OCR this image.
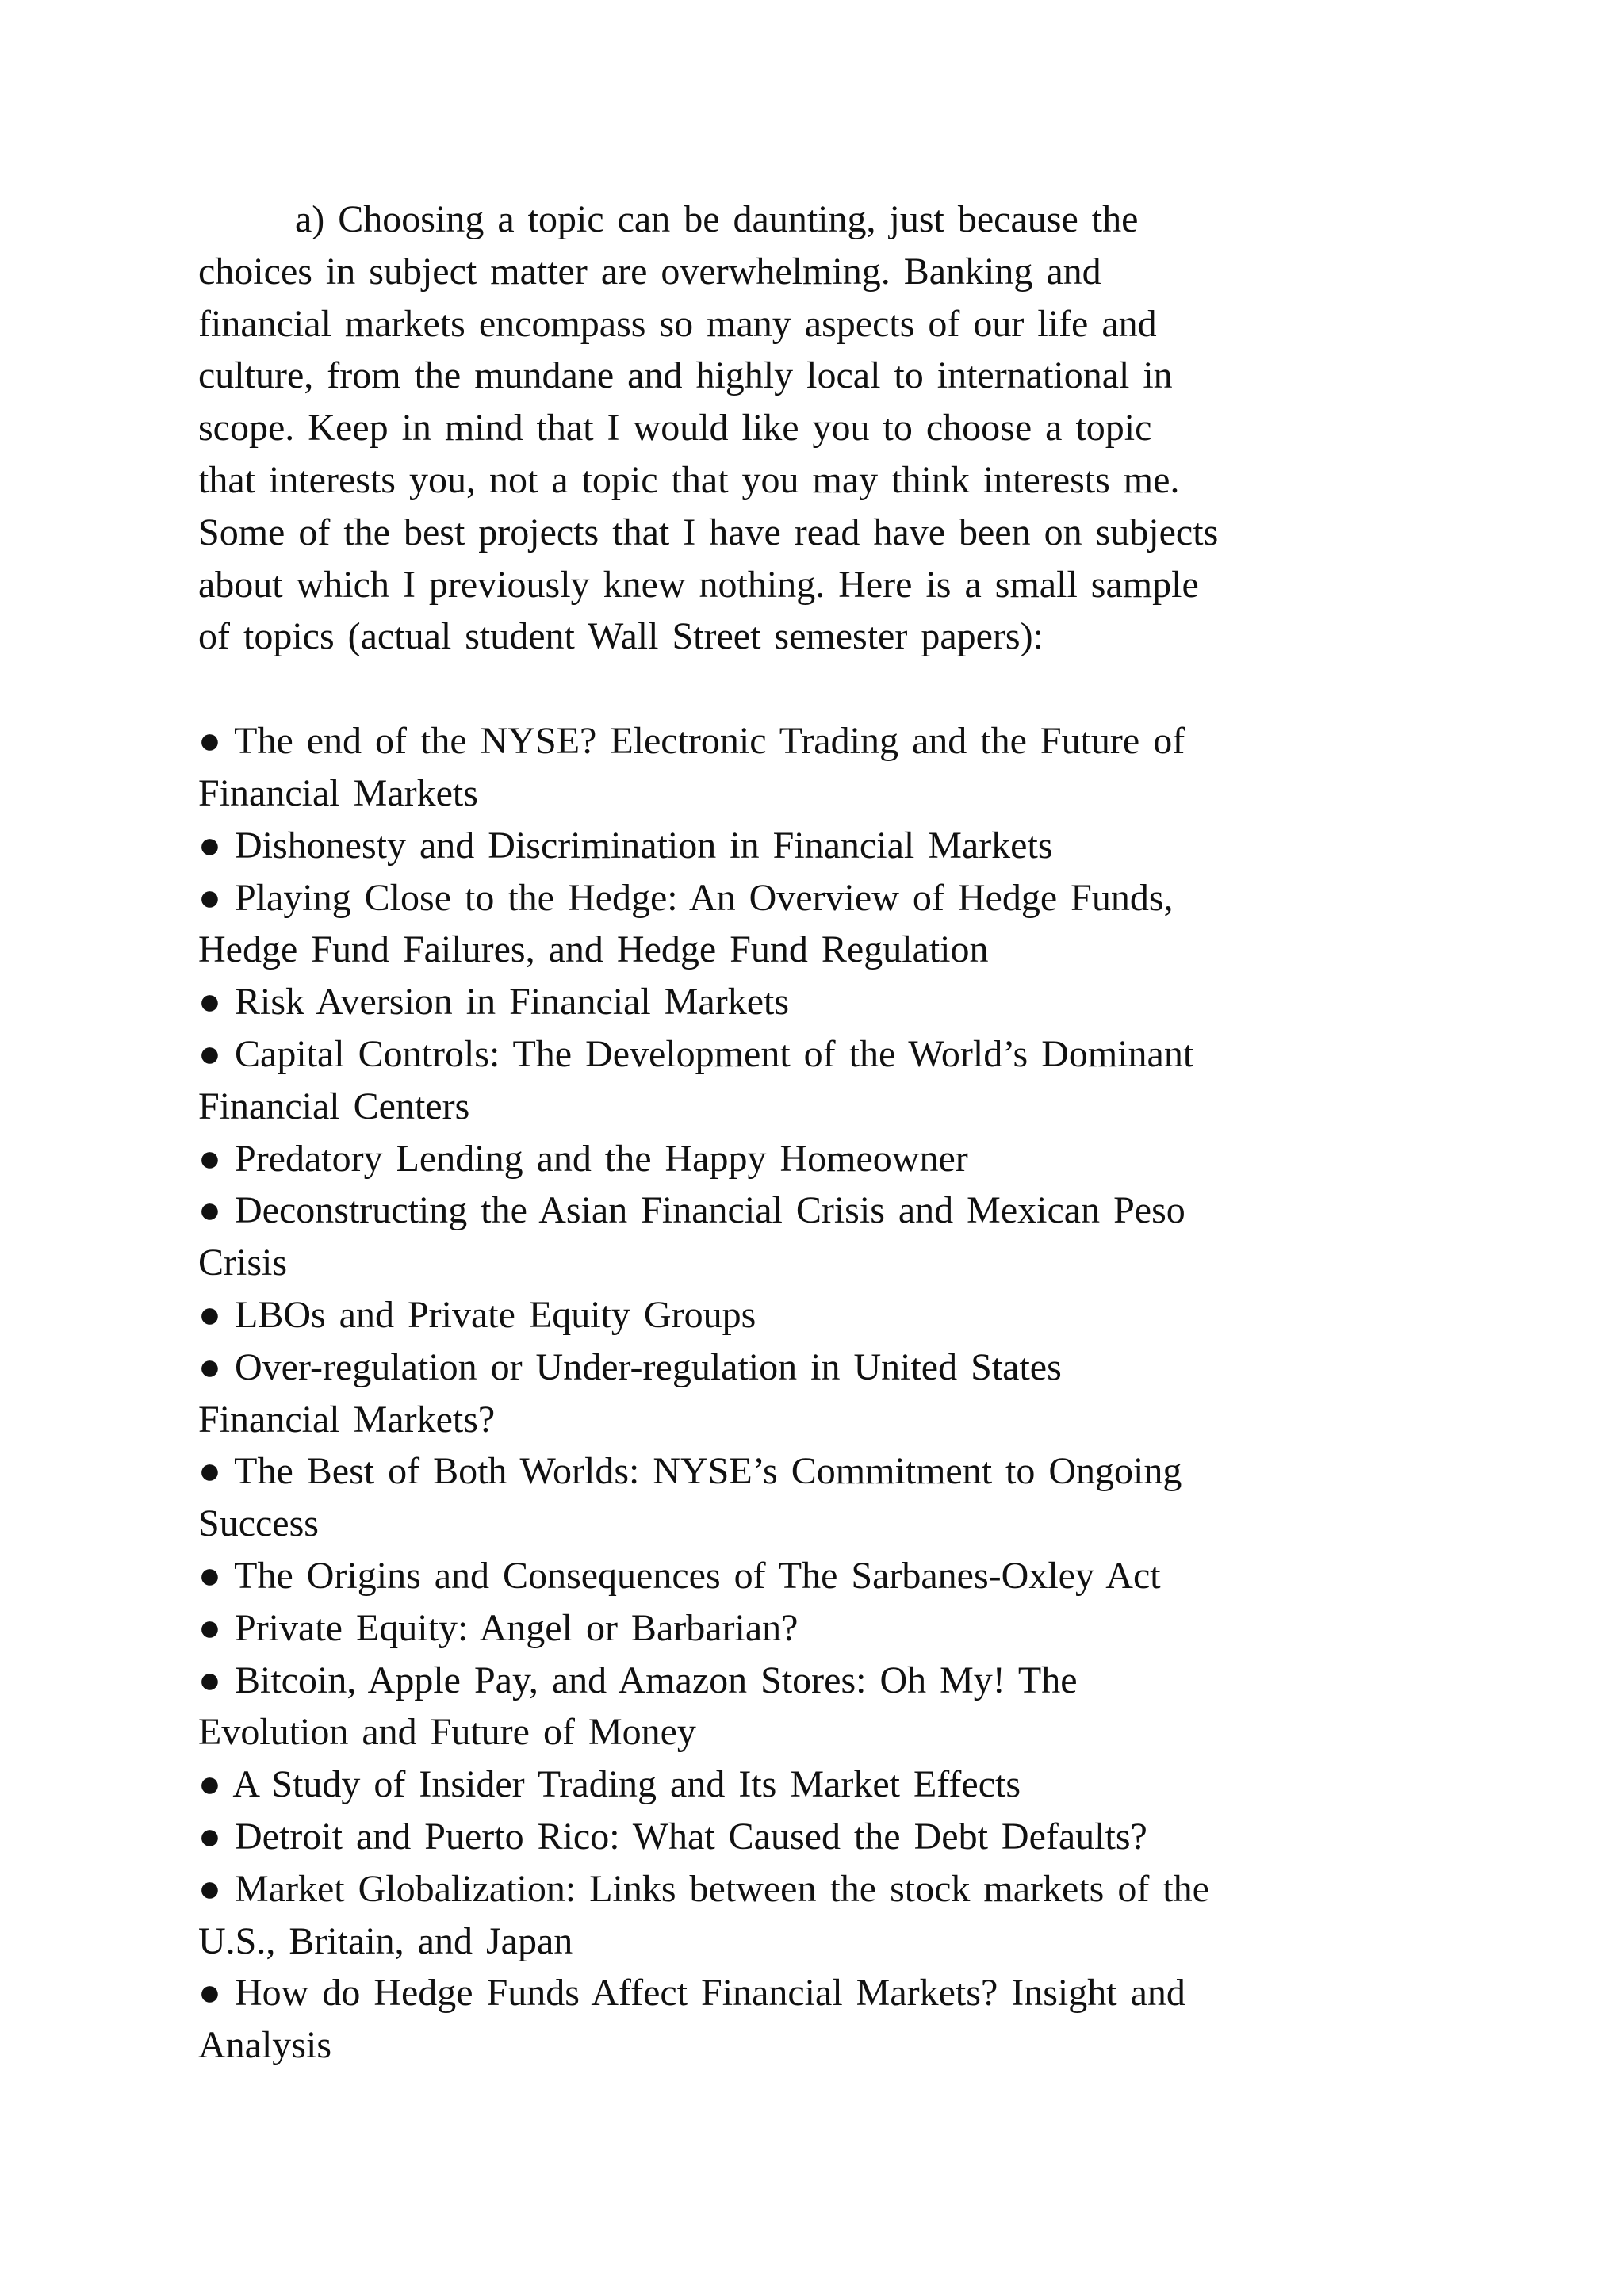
a) Choosing a topic can be daunting, just because the
choices in subject matter are overwhelming. Banking and
financial markets encompass so many aspects of our life and
culture, from the mundane and highly local to international in
scope. Keep in mind that I would like you to choose a topic
that interests you, not a topic that you may think interests me.
Some of the best projects that I have read have been on subjects
about which I previously knew nothing. Here is a small sample
of topics (actual student Wall Street semester papers):

● The end of the NYSE? Electronic Trading and the Future of
Financial Markets
● Dishonesty and Discrimination in Financial Markets
● Playing Close to the Hedge: An Overview of Hedge Funds,
Hedge Fund Failures, and Hedge Fund Regulation
● Risk Aversion in Financial Markets
● Capital Controls: The Development of the World’s Dominant
Financial Centers
● Predatory Lending and the Happy Homeowner
● Deconstructing the Asian Financial Crisis and Mexican Peso
Crisis
● LBOs and Private Equity Groups
● Over-regulation or Under-regulation in United States
Financial Markets?
● The Best of Both Worlds: NYSE’s Commitment to Ongoing
Success
● The Origins and Consequences of The Sarbanes-Oxley Act
● Private Equity: Angel or Barbarian?
● Bitcoin, Apple Pay, and Amazon Stores: Oh My! The
Evolution and Future of Money
● A Study of Insider Trading and Its Market Effects
● Detroit and Puerto Rico: What Caused the Debt Defaults?
● Market Globalization: Links between the stock markets of the
U.S., Britain, and Japan
● How do Hedge Funds Affect Financial Markets? Insight and
Analysis
